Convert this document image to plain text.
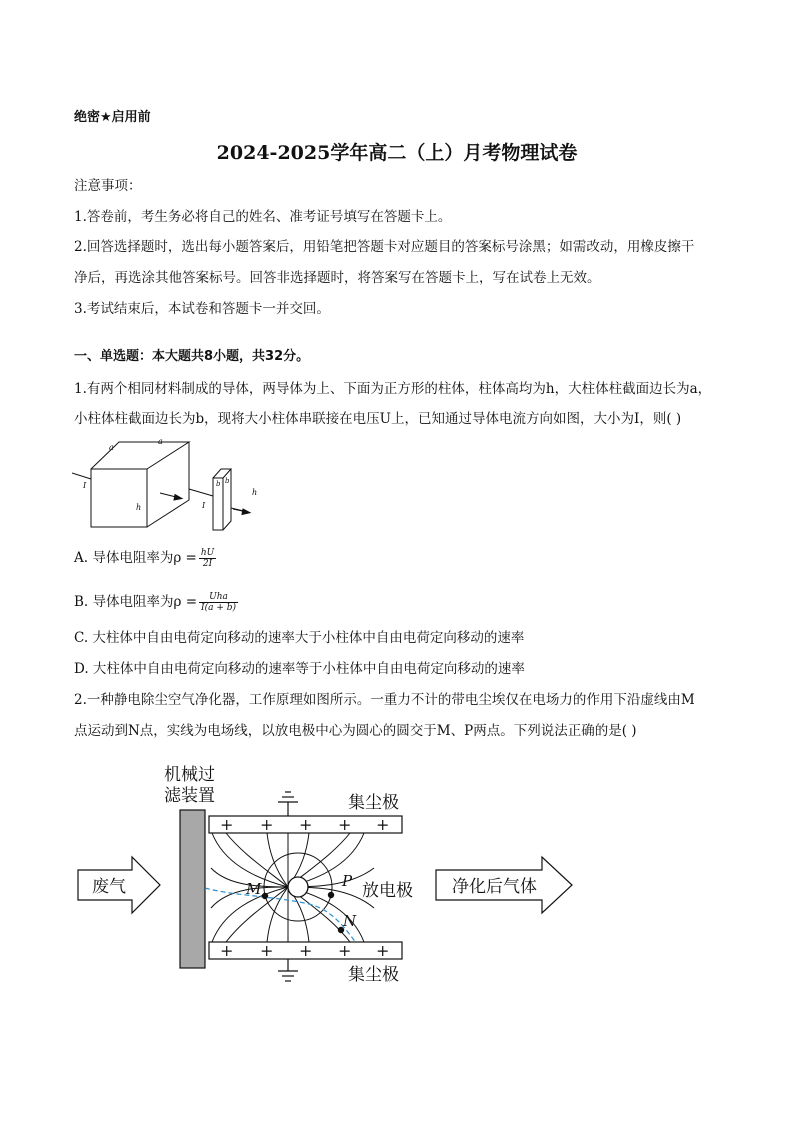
绝密★启用前
2024-2025学年高二（上）月考物理试卷
注意事项：
1.答卷前，考生务必将自己的姓名、准考证号填写在答题卡上。
2.回答选择题时，选出每小题答案后，用铅笔把答题卡对应题目的答案标号涂黑；如需改动，用橡皮擦干
净后，再选涂其他答案标号。回答非选择题时，将答案写在答题卡上，写在试卷上无效。
3.考试结束后，本试卷和答题卡一并交回。
一、单选题：本大题共8小题，共32分。
1.有两个相同材料制成的导体，两导体为上、下面为正方形的柱体，柱体高均为h，大柱体柱截面边长为a，
小柱体柱截面边长为b，现将大小柱体串联接在电压U上，已知通过导体电流方向如图，大小为I，则( )
a
a
h
I	b b
h
I
A. 导体电阻率为$\rho = \frac{hU}{2I}$
B. 导体电阻率为$\rho = \frac{\text{Uha}}{I(a + b)}$
C. 大柱体中自由电荷定向移动的速率大于小柱体中自由电荷定向移动的速率
D. 大柱体中自由电荷定向移动的速率等于小柱体中自由电荷定向移动的速率
2.一种静电除尘空气净化器，工作原理如图所示。一重力不计的带电尘埃仅在电场力的作用下沿虚线由M
点运动到N点，实线为电场线，以放电极中心为圆心的圆交于M、P两点。下列说法正确的是( )
机械过
滤装置	集尘极
集尘极
放电极
废气	净化后气体
+ + + + +
+ + + + +
M	P
N
